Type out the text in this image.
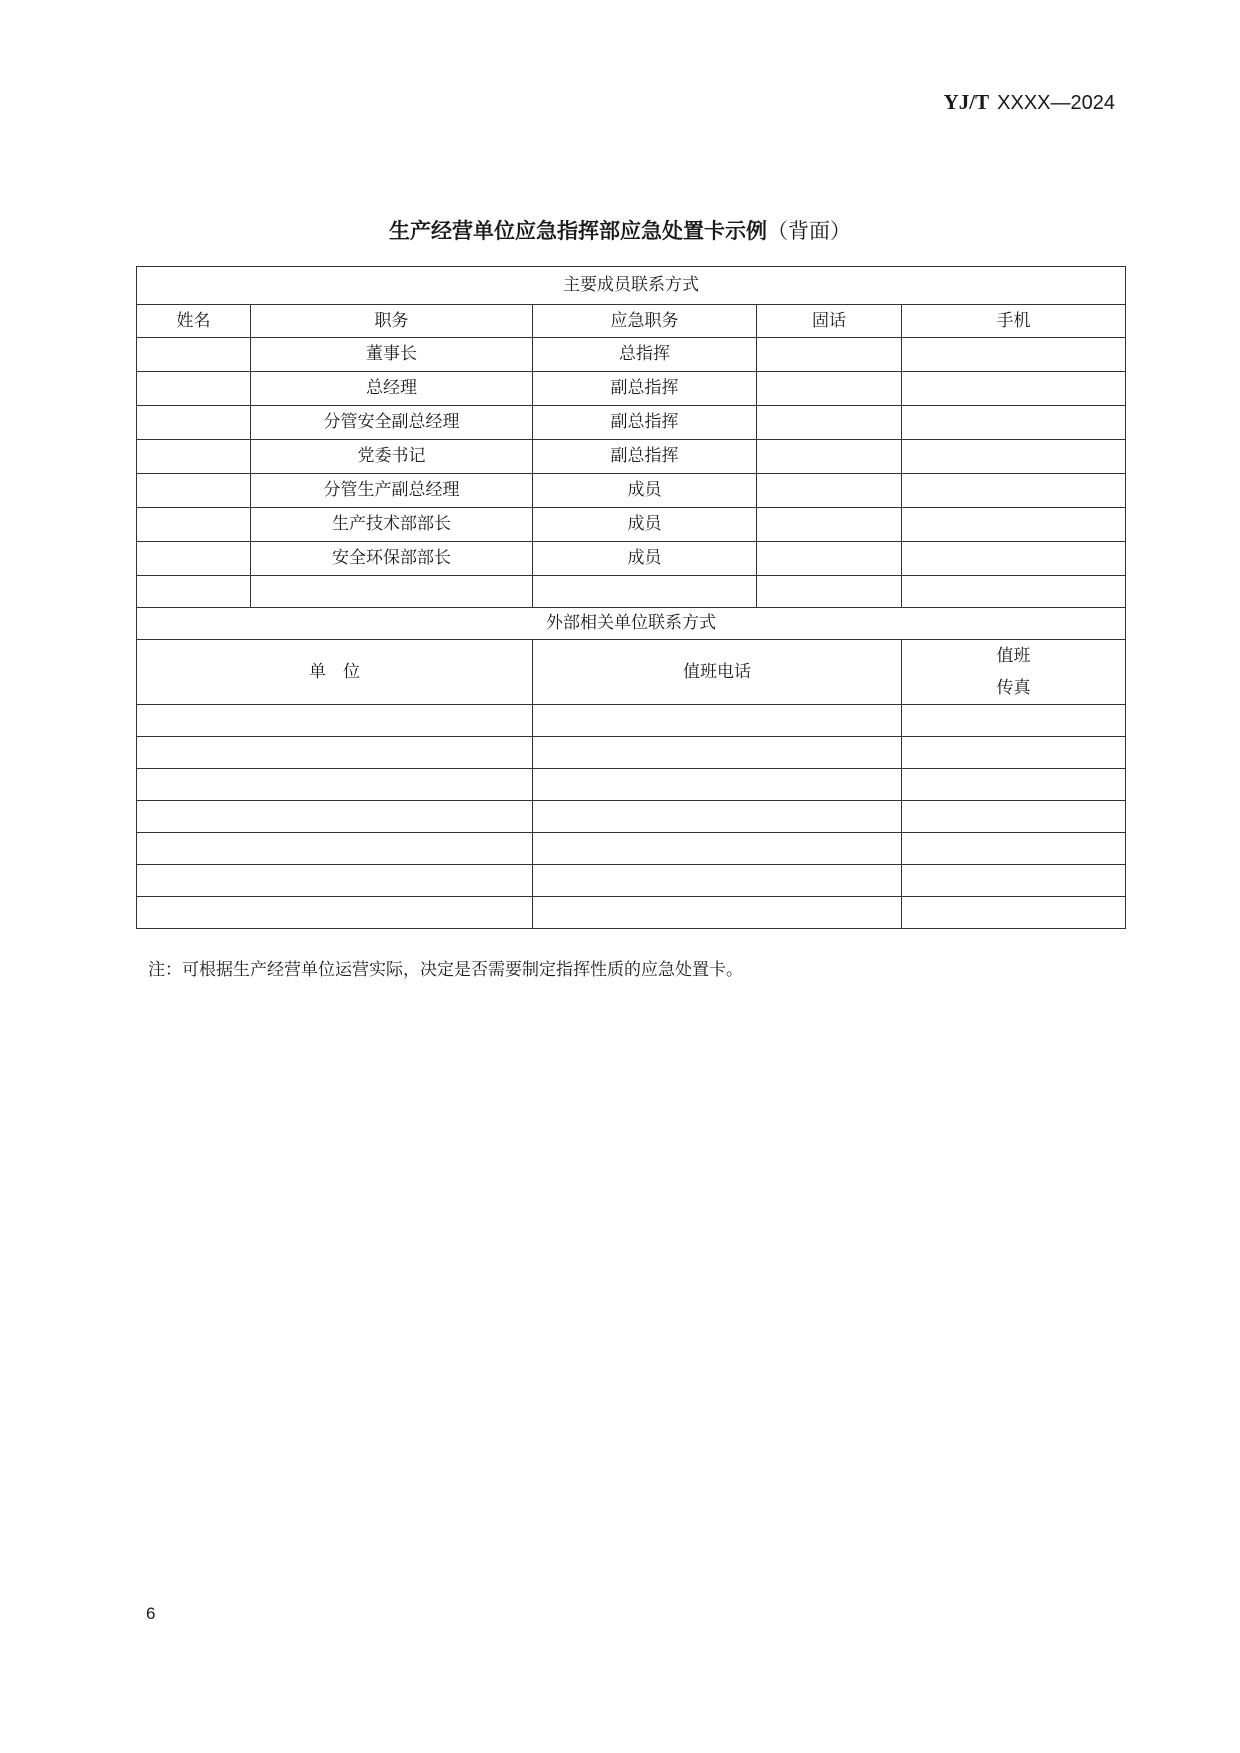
YJ/T XXXX—2024
生产经营单位应急指挥部应急处置卡示例（背面）
主要成员联系方式				
姓名	职务	应急职务	固话	手机
	董事长	总指挥		
	总经理	副总指挥		
	分管安全副总经理	副总指挥		
	党委书记	副总指挥		
	分管生产副总经理	成员		
	生产技术部部长	成员		
	安全环保部部长	成员		

外部相关单位联系方式				
单　位		值班电话		值班
传真

注：可根据生产经营单位运营实际，决定是否需要制定指挥性质的应急处置卡。
6
